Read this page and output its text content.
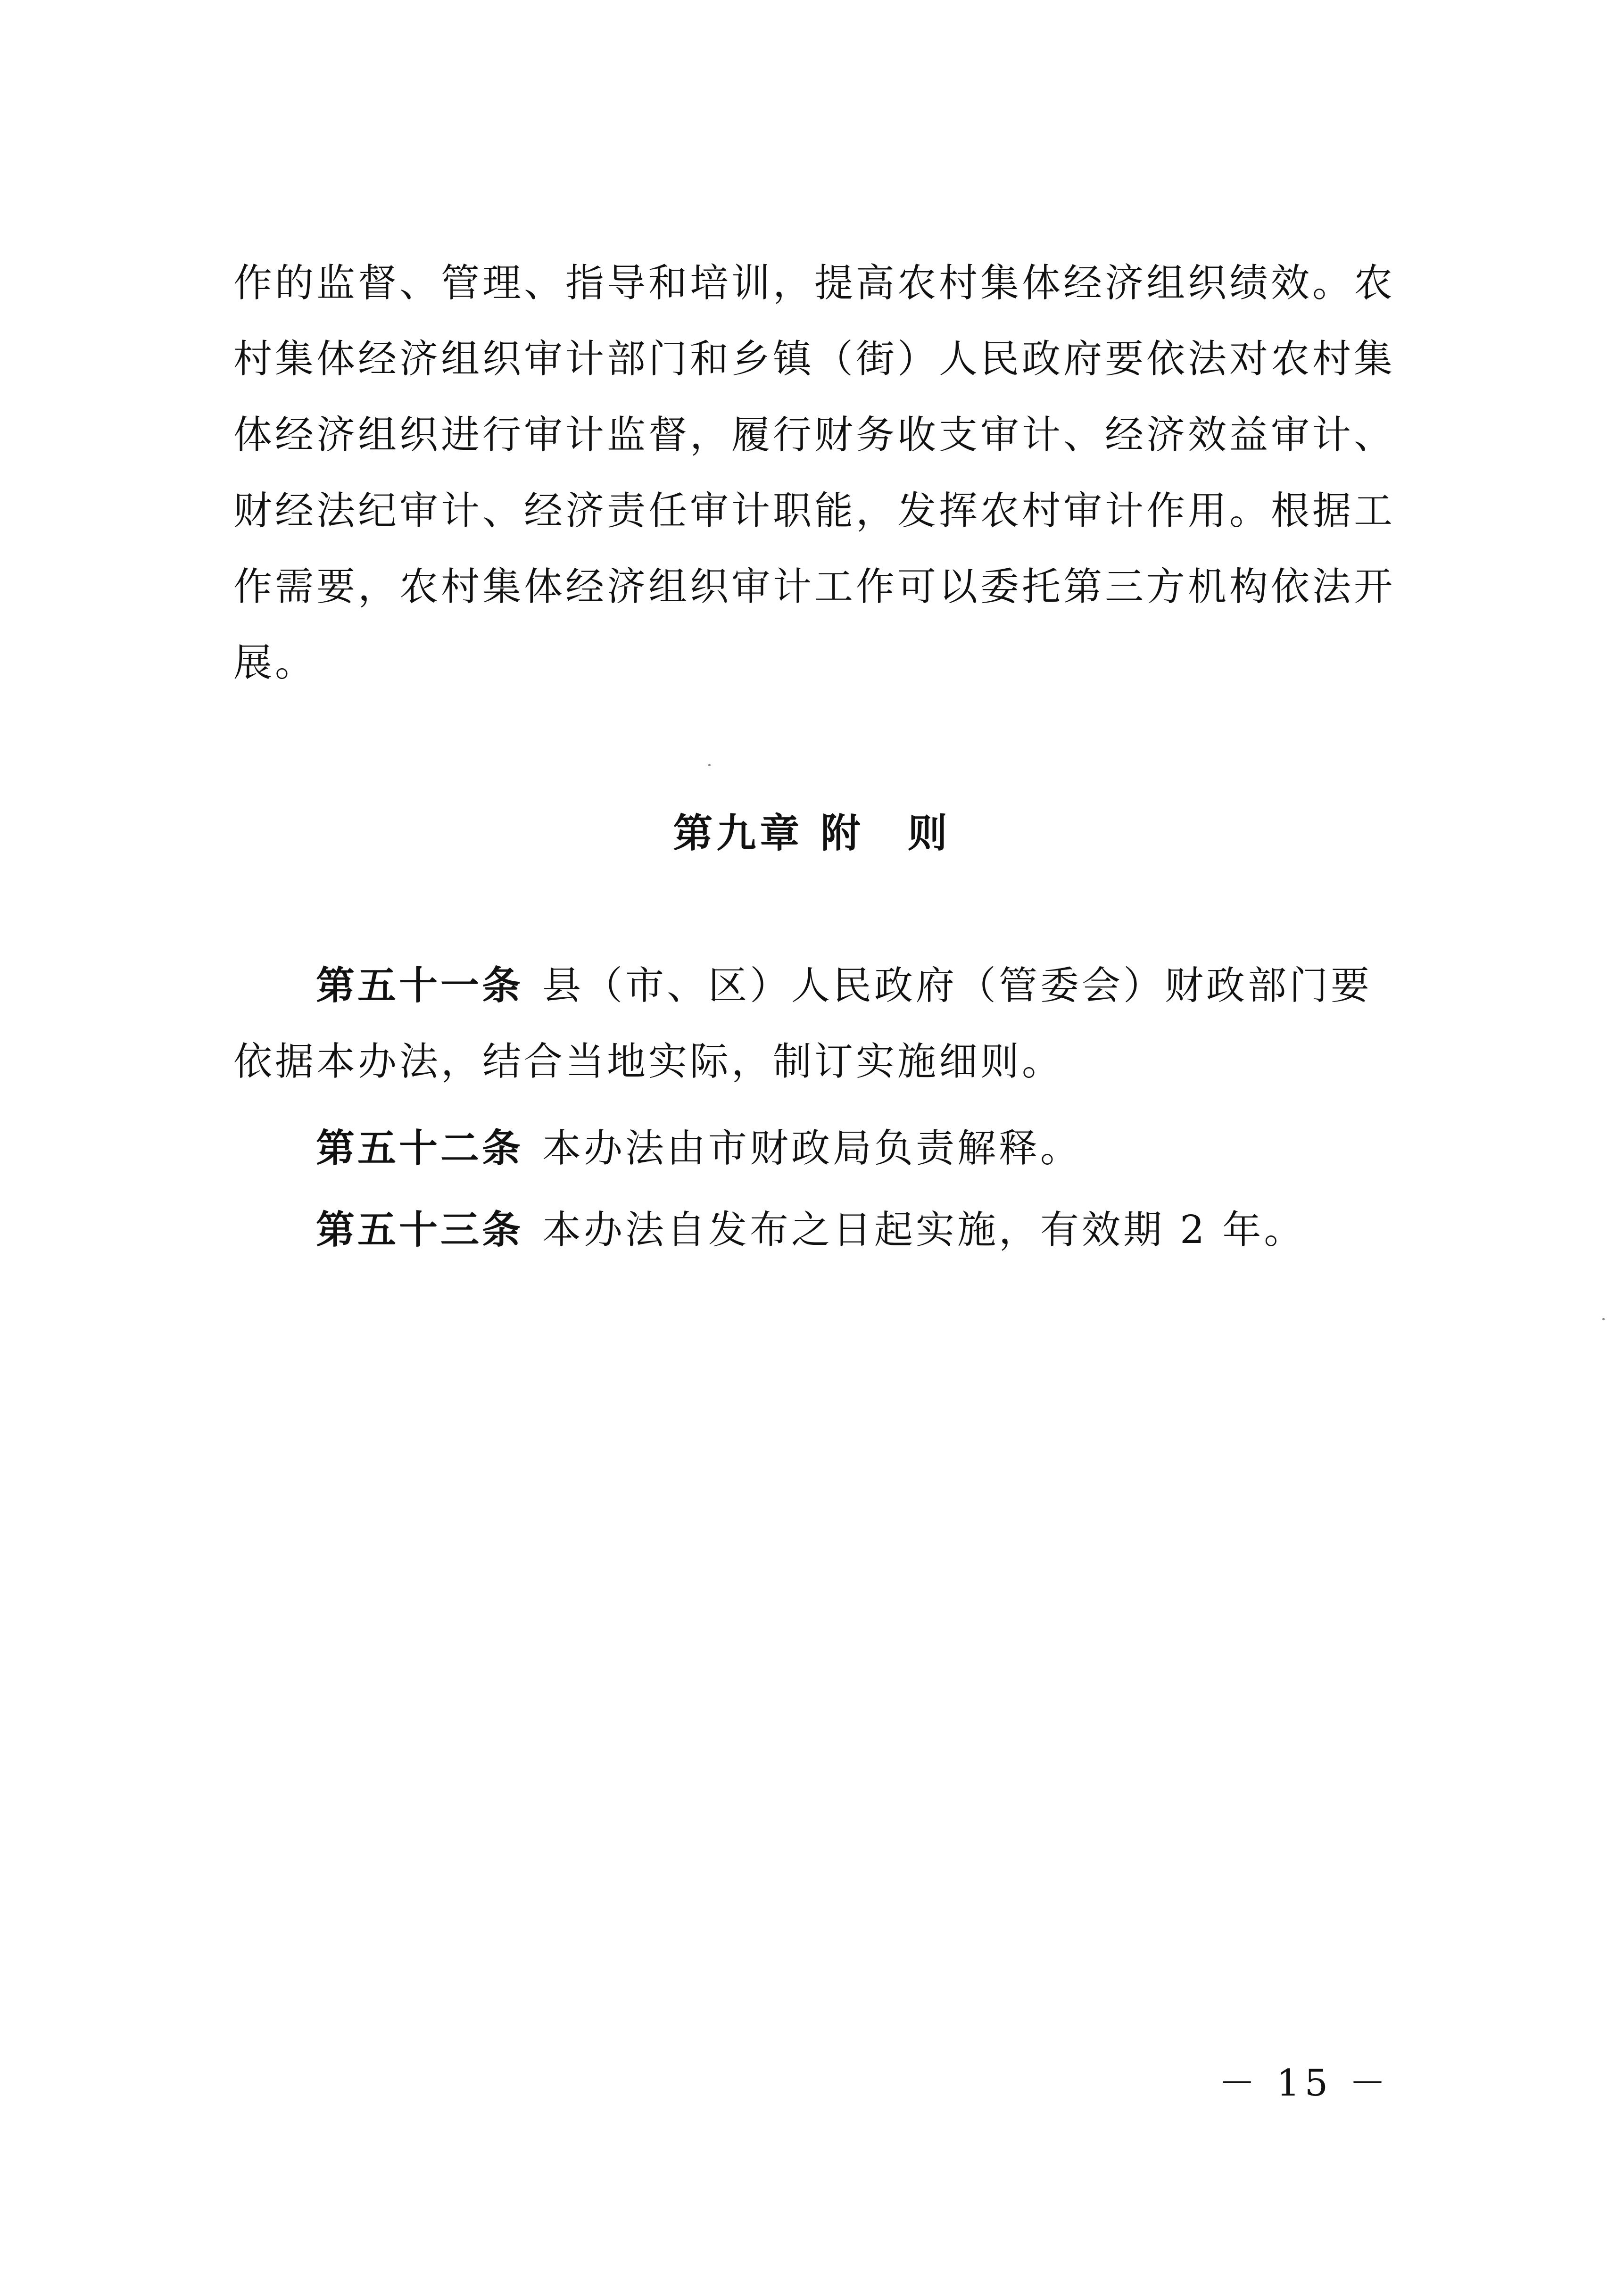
作的监督、管理、指导和培训，提高农村集体经济组织绩效。农
村集体经济组织审计部门和乡镇（街）人民政府要依法对农村集
体经济组织进行审计监督，履行财务收支审计、经济效益审计、
财经法纪审计、经济责任审计职能，发挥农村审计作用。根据工
作需要，农村集体经济组织审计工作可以委托第三方机构依法开
展。
第九章 附　则
第五十一条 县（市、区）人民政府（管委会）财政部门要
依据本办法，结合当地实际，制订实施细则。
第五十二条 本办法由市财政局负责解释。
第五十三条 本办法自发布之日起实施，有效期 2 年。
－ 15 －
